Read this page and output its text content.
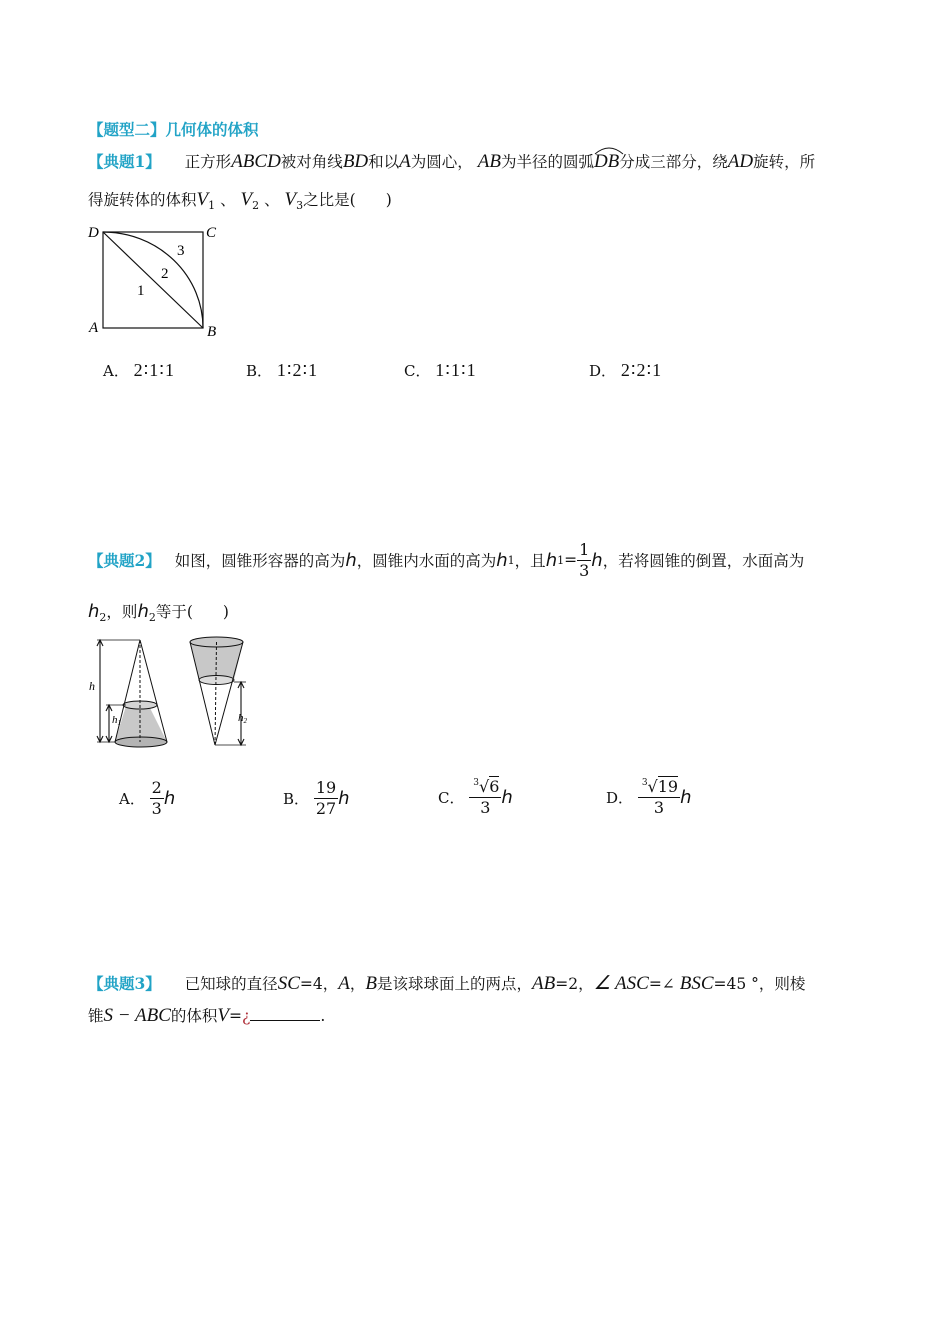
【题型二】几何体的体积
【典题1】 正方形ABCD被对角线BD和以A为圆心， AB为半径的圆弧
DB分成三部分，绕AD旋转，所
得旋转体的体积$V_1$ 、 $V_2$ 、 $V_3$之比是( )
D	C
A	B
1
2
3
A． 2∶1∶1	B． 1∶2∶1	C． 1∶1∶1	D． 2∶2∶1
【典题2】 如图，圆锥形容器的高为 h ，圆锥内水面的高为 h 1 ，且 h $1 = \frac{1}{3}$ h ，若将圆锥的倒置，水面高为
$h_2$，则$h_2$等于( )
h
h1	h2
A．
$\frac{2}{3}$ h	B．
$\frac{19}{27}$ h	C．
$\frac{^3√6}{3}$ h	D．
$\frac{^3√19}{3}$ h
【典题3】 已知球的直径SC=4，A，B是该球球面上的两点，AB=2，∠ ASC=∠ BSC=45 °，则棱
锥S − ABC的体积V=¿	.
